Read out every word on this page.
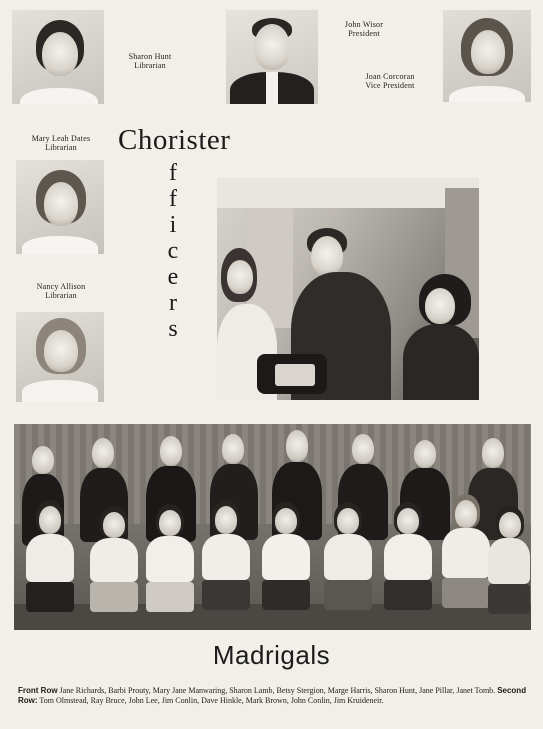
Sharon Hunt
Librarian
John Wisor
President
Joan Corcoran
Vice President
Mary Leah Dates
Librarian
Nancy Allison
Librarian
Chorister
f
f
i
c
e
r
s
Madrigals
Front Row Jane Richards, Barbi Prouty, Mary Jane Manwaring, Sharon Lamb, Betsy Stergion, Marge Harris, Sharon Hunt, Jane Pillar, Janet Tomb. Second Row: Tom Olmstead, Ray Bruce, John Lee, Jim Conlin, Dave Hinkle, Mark Brown, John Conlin, Jim Kruideneir.
